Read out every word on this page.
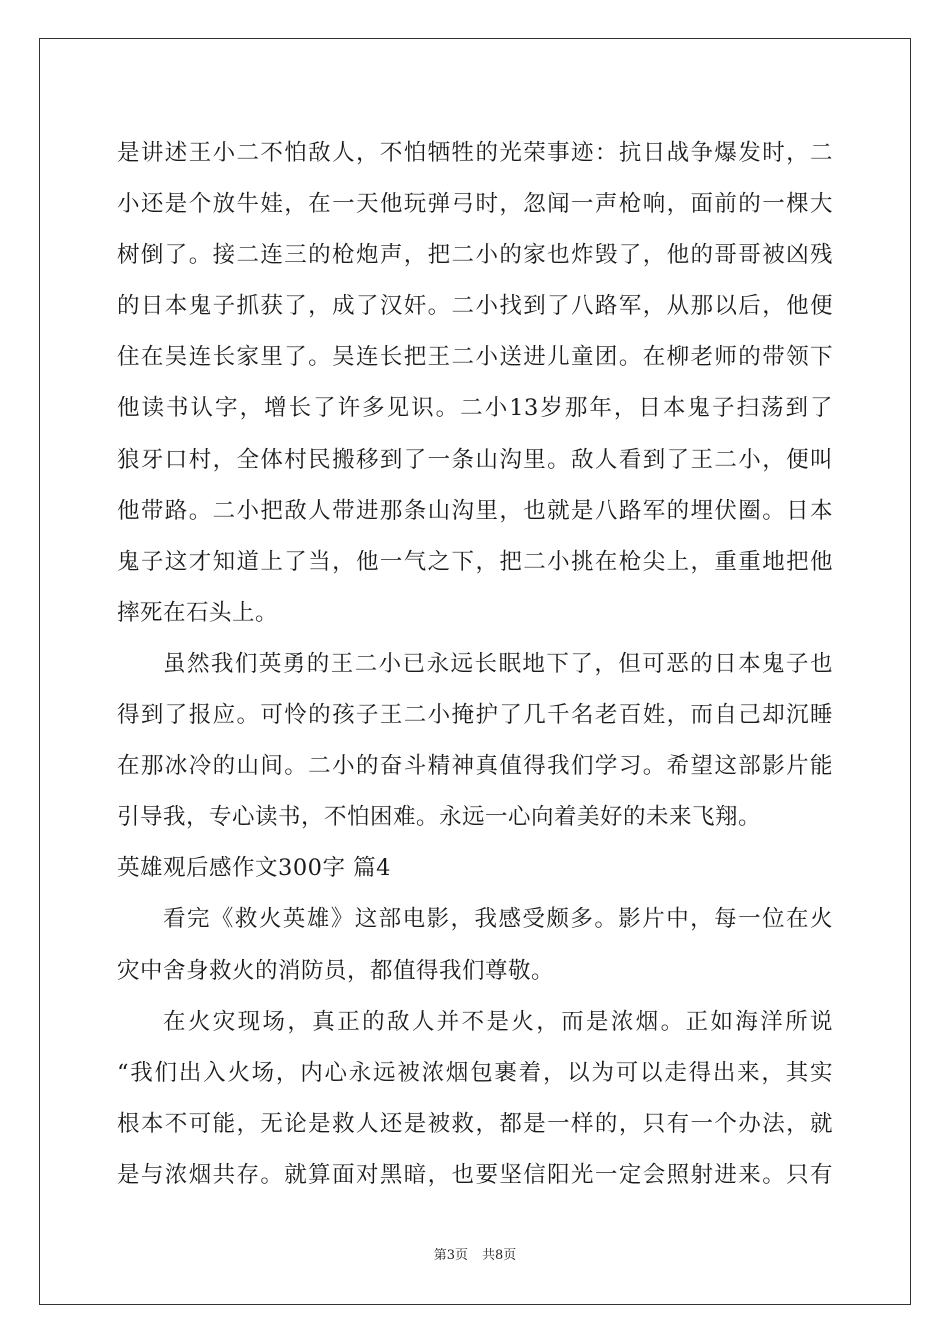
是讲述王小二不怕敌人，不怕牺牲的光荣事迹：抗日战争爆发时，二
小还是个放牛娃，在一天他玩弹弓时，忽闻一声枪响，面前的一棵大
树倒了。接二连三的枪炮声，把二小的家也炸毁了，他的哥哥被凶残
的日本鬼子抓获了，成了汉奸。二小找到了八路军，从那以后，他便
住在吴连长家里了。吴连长把王二小送进儿童团。在柳老师的带领下
他读书认字，增长了许多见识。二小13岁那年，日本鬼子扫荡到了
狼牙口村，全体村民搬移到了一条山沟里。敌人看到了王二小，便叫
他带路。二小把敌人带进那条山沟里，也就是八路军的埋伏圈。日本
鬼子这才知道上了当，他一气之下，把二小挑在枪尖上，重重地把他
摔死在石头上。
虽然我们英勇的王二小已永远长眠地下了，但可恶的日本鬼子也
得到了报应。可怜的孩子王二小掩护了几千名老百姓，而自己却沉睡
在那冰冷的山间。二小的奋斗精神真值得我们学习。希望这部影片能
引导我，专心读书，不怕困难。永远一心向着美好的未来飞翔。
英雄观后感作文300字 篇4
看完《救火英雄》这部电影，我感受颇多。影片中，每一位在火
灾中舍身救火的消防员，都值得我们尊敬。
在火灾现场，真正的敌人并不是火，而是浓烟。正如海洋所说
“我们出入火场，内心永远被浓烟包裹着，以为可以走得出来，其实
根本不可能，无论是救人还是被救，都是一样的，只有一个办法，就
是与浓烟共存。就算面对黑暗，也要坚信阳光一定会照射进来。只有
第3页 共8页
